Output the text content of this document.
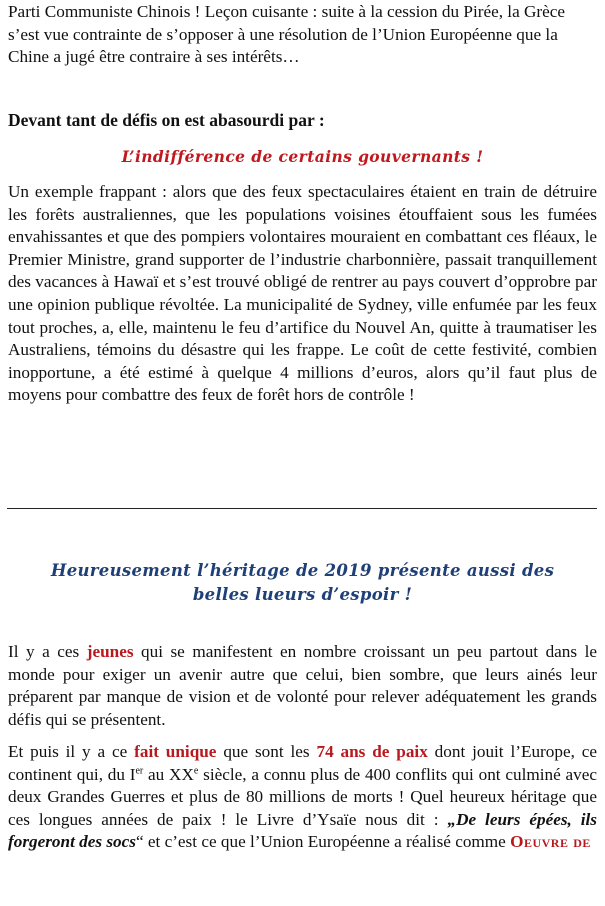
Parti Communiste Chinois ! Leçon cuisante : suite à la cession du Pirée, la Grèce s’est vue contrainte de s’opposer à une résolution de l’Union Européenne que la Chine a jugé être contraire à ses intérêts…

Devant tant de défis on est abasourdi par :

L’indifférence de certains gouvernants !

Un exemple frappant : alors que des feux spectaculaires étaient en train de détruire les forêts australiennes, que les populations voisines étouffaient sous les fumées envahissantes et que des pompiers volontaires mouraient en combattant ces fléaux, le Premier Ministre, grand supporter de l’industrie charbonnière, passait tranquillement des vacances à Hawaï et s’est trouvé obligé de rentrer au pays couvert d’opprobre par une opinion publique révoltée. La municipalité de Sydney, ville enfumée par les feux tout proches, a, elle, maintenu le feu d’artifice du Nouvel An, quitte à traumatiser les Australiens, témoins du désastre qui les frappe. Le coût de cette festivité, combien inopportune, a été estimé à quelque 4 millions d’euros, alors qu’il faut plus de moyens pour combattre des feux de forêt hors de contrôle !

Heureusement l’héritage de 2019 présente aussi des belles lueurs d’espoir !

Il y a ces jeunes qui se manifestent en nombre croissant un peu partout dans le monde pour exiger un avenir autre que celui, bien sombre, que leurs ainés leur préparent par manque de vision et de volonté pour relever adéquatement les grands défis qui se présentent.

Et puis il y a ce fait unique que sont les 74 ans de paix dont jouit l’Europe, ce continent qui, du Ier au XXe siècle, a connu plus de 400 conflits qui ont culminé avec deux Grandes Guerres et plus de 80 millions de morts ! Quel heureux héritage que ces longues années de paix ! le Livre d’Ysaïe nous dit : „De leurs épées, ils forgeront des socs“ et c’est ce que l’Union Européenne a réalisé comme Oeuvre de
